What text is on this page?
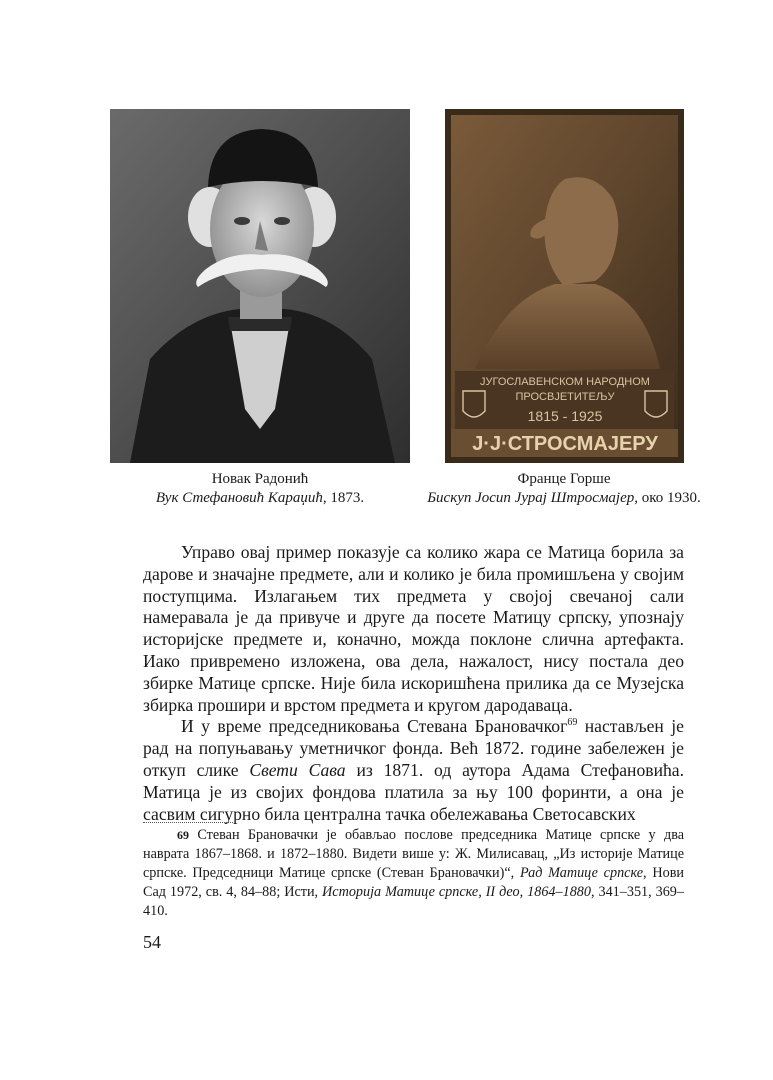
ЈУГОСЛАВЕНСКОМ НАРОДНОМ
ПРОСВЈЕТИТЕЉУ
1815 - 1925
Ј·Ј·СТРОСМАЈЕРУ
Новак Радонић
Вук Стефановић Караџић, 1873.
Франце Горше
Бискуп Јосип Јурај Штросмајер, око 1930.

Управо овај пример показује са колико жара се Матица борила за дарове и значајне предмете, али и колико је била промишљена у својим поступцима. Излагањем тих предмета у својој свечаној сали намеравала је да привуче и друге да посете Матицу српску, упознају историјске предмете и, коначно, можда поклоне слична артефакта. Иако привремено изложена, ова дела, нажалост, нису постала део збирке Матице српске. Није била искоришћена прилика да се Музејска збирка прошири и врстом предмета и кругом дародаваца.

И у време председниковања Стевана Брановачког$^{69}$ настављен је рад на попуњавању уметничког фонда. Већ 1872. године забележен је откуп слике Свети Сава из 1871. од аутора Адама Стефановића. Матица је из својих фондова платила за њу 100 форинти, а она је сасвим сигурно била централна тачка обележавања Светосавских

$^{69}$ Стеван Брановачки је обављао послове председника Матице српске у два наврата 1867–1868. и 1872–1880. Видети више у: Ж. Милисавац, „Из историје Матице српске. Председници Матице српске (Стеван Брановачки)“, Рад Матице српске, Нови Сад 1972, св. 4, 84–88; Исти, Историја Матице српске, II део, 1864–1880, 341–351, 369–410.
54
